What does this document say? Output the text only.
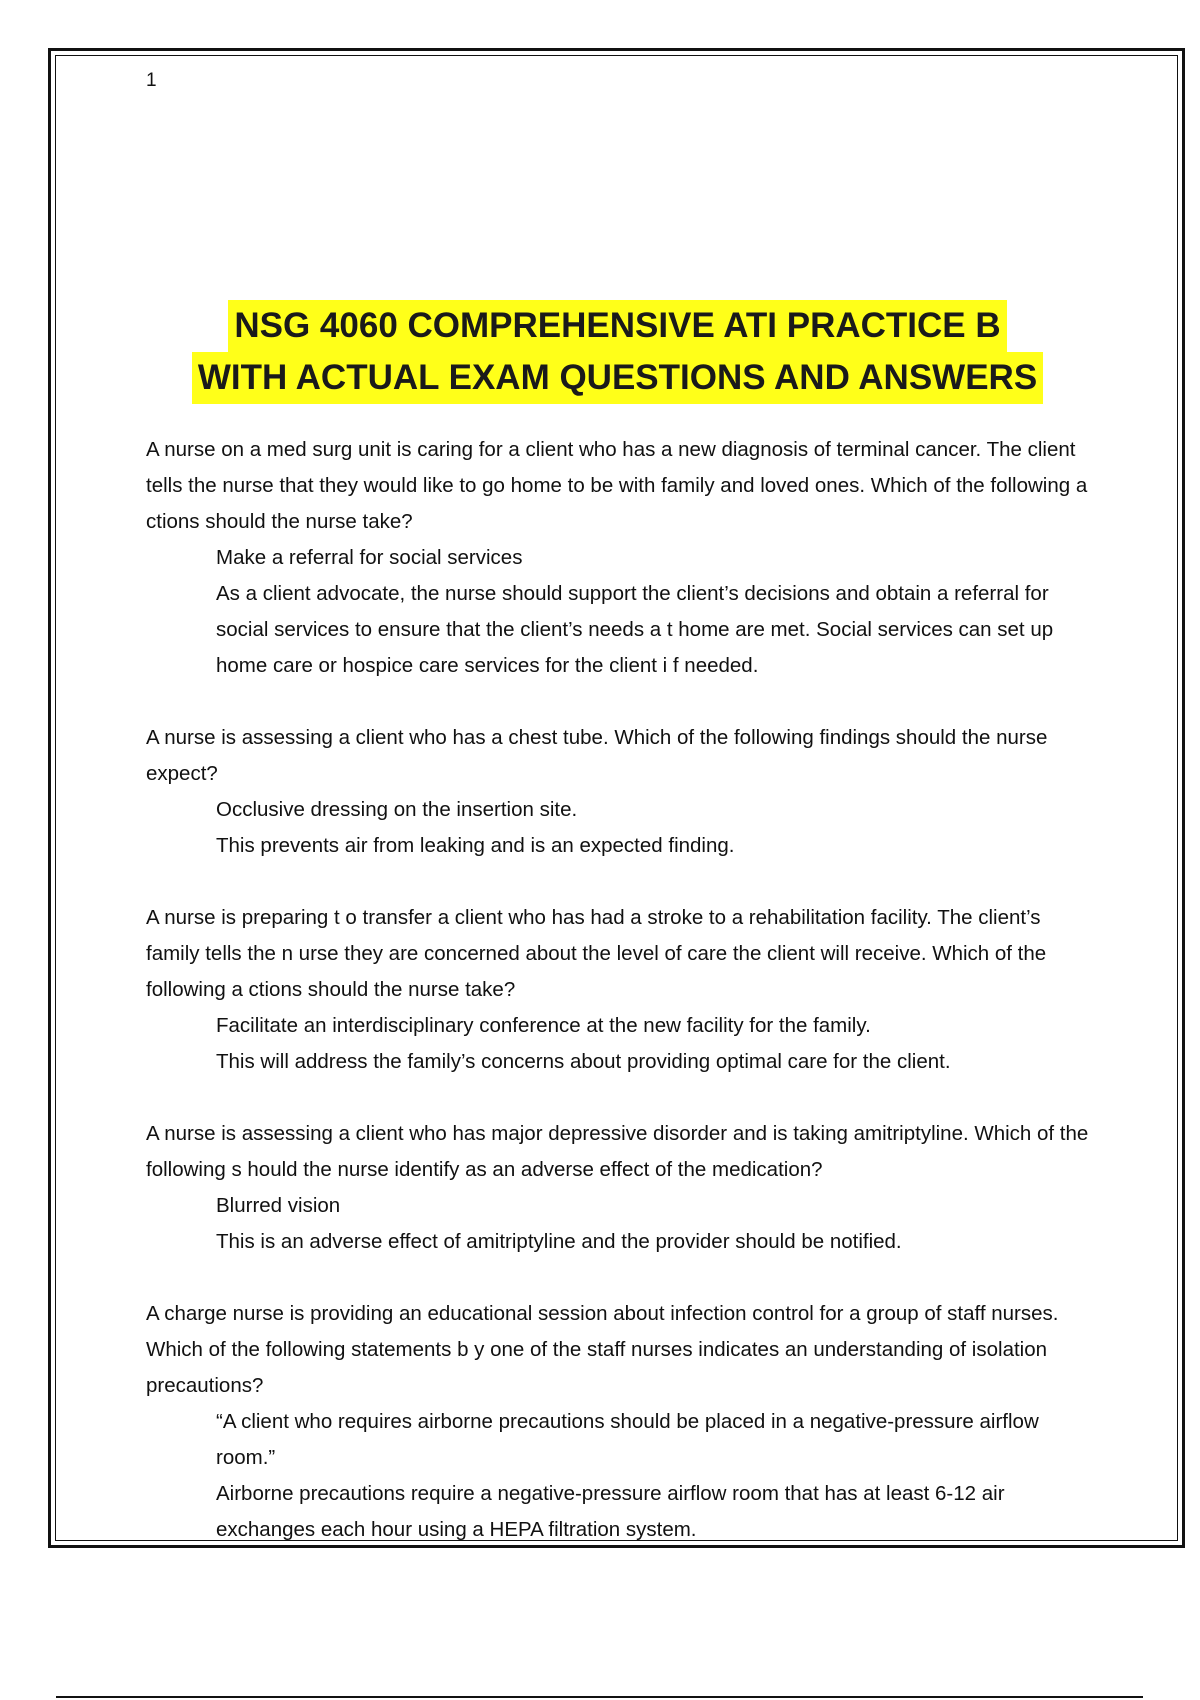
1
NSG 4060 COMPREHENSIVE ATI PRACTICE B
WITH ACTUAL EXAM QUESTIONS AND ANSWERS

A nurse on a med surg unit is caring for a client who has a new diagnosis of terminal cancer. The client tells the nurse that they would like to go home to be with family and loved ones. Which of the following a ctions should the nurse take?

Make a referral for social services

As a client advocate, the nurse should support the client’s decisions and obtain a referral for social services to ensure that the client’s needs a t home are met. Social services can set up home care or hospice care services for the client i f needed.

A nurse is assessing a client who has a chest tube. Which of the following findings should the nurse expect?

Occlusive dressing on the insertion site.

This prevents air from leaking and is an expected finding.

A nurse is preparing t o transfer a client who has had a stroke to a rehabilitation facility. The client’s family tells the n urse they are concerned about the level of care the client will receive. Which of the following a ctions should the nurse take?

Facilitate an interdisciplinary conference at the new facility for the family.

This will address the family’s concerns about providing optimal care for the client.

A nurse is assessing a client who has major depressive disorder and is taking amitriptyline. Which of the following s hould the nurse identify as an adverse effect of the medication?

Blurred vision

This is an adverse effect of amitriptyline and the provider should be notified.

A charge nurse is providing an educational session about infection control for a group of staff nurses. Which of the following statements b y one of the staff nurses indicates an understanding of isolation precautions?

“A client who requires airborne precautions should be placed in a negative-pressure airflow room.”

Airborne precautions require a negative-pressure airflow room that has at least 6-12 air exchanges each hour using a HEPA filtration system.
